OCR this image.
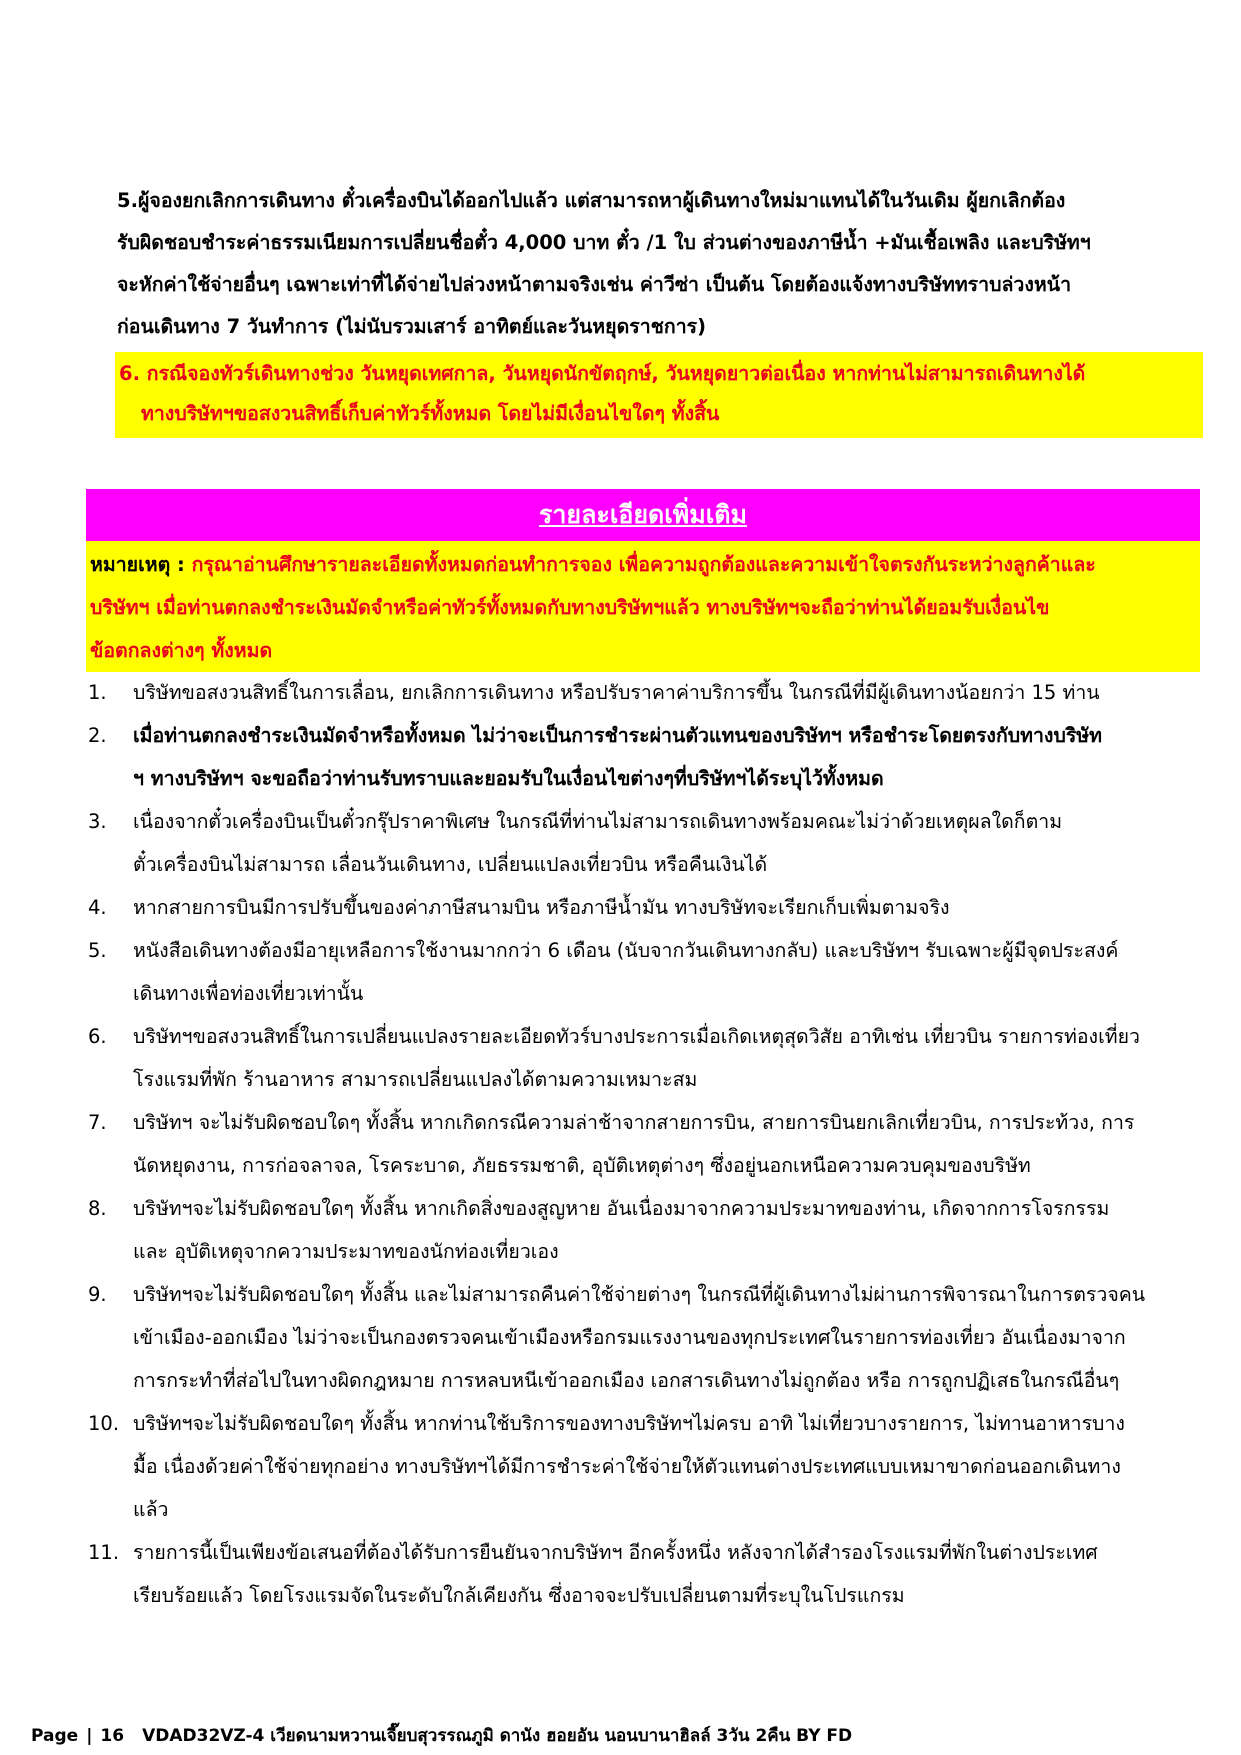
5.ผู้จองยกเลิกการเดินทาง ตั๋วเครื่องบินได้ออกไปแล้ว แต่สามารถหาผู้เดินทางใหม่มาแทนได้ในวันเดิม ผู้ยกเลิกต้อง
รับผิดชอบชำระค่าธรรมเนียมการเปลี่ยนชื่อตั๋ว 4,000 บาท ตั๋ว /1 ใบ ส่วนต่างของภาษีน้ำ +มันเชื้อเพลิง และบริษัทฯ
จะหักค่าใช้จ่ายอื่นๆ เฉพาะเท่าที่ได้จ่ายไปล่วงหน้าตามจริงเช่น ค่าวีซ่า เป็นต้น โดยต้องแจ้งทางบริษัททราบล่วงหน้า
ก่อนเดินทาง 7 วันทำการ (ไม่นับรวมเสาร์ อาทิตย์และวันหยุดราชการ)
6. กรณีจองทัวร์เดินทางช่วง วันหยุดเทศกาล, วันหยุดนักขัตฤกษ์, วันหยุดยาวต่อเนื่อง หากท่านไม่สามารถเดินทางได้
ทางบริษัทฯขอสงวนสิทธิ์เก็บค่าทัวร์ทั้งหมด โดยไม่มีเงื่อนไขใดๆ ทั้งสิ้น
รายละเอียดเพิ่มเติม
หมายเหตุ : กรุณาอ่านศึกษารายละเอียดทั้งหมดก่อนทำการจอง เพื่อความถูกต้องและความเข้าใจตรงกันระหว่างลูกค้าและ
บริษัทฯ เมื่อท่านตกลงชำระเงินมัดจำหรือค่าทัวร์ทั้งหมดกับทางบริษัทฯแล้ว ทางบริษัทฯจะถือว่าท่านได้ยอมรับเงื่อนไข
ข้อตกลงต่างๆ ทั้งหมด
1. บริษัทขอสงวนสิทธิ์ในการเลื่อน, ยกเลิกการเดินทาง หรือปรับราคาค่าบริการขึ้น ในกรณีที่มีผู้เดินทางน้อยกว่า 15 ท่าน
2. เมื่อท่านตกลงชำระเงินมัดจำหรือทั้งหมด ไม่ว่าจะเป็นการชำระผ่านตัวแทนของบริษัทฯ หรือชำระโดยตรงกับทางบริษัท
ฯ ทางบริษัทฯ จะขอถือว่าท่านรับทราบและยอมรับในเงื่อนไขต่างๆที่บริษัทฯได้ระบุไว้ทั้งหมด
3. เนื่องจากตั๋วเครื่องบินเป็นตั๋วกรุ๊ปราคาพิเศษ ในกรณีที่ท่านไม่สามารถเดินทางพร้อมคณะไม่ว่าด้วยเหตุผลใดก็ตาม
ตั๋วเครื่องบินไม่สามารถ เลื่อนวันเดินทาง, เปลี่ยนแปลงเที่ยวบิน หรือคืนเงินได้
4. หากสายการบินมีการปรับขึ้นของค่าภาษีสนามบิน หรือภาษีน้ำมัน ทางบริษัทจะเรียกเก็บเพิ่มตามจริง
5. หนังสือเดินทางต้องมีอายุเหลือการใช้งานมากกว่า 6 เดือน (นับจากวันเดินทางกลับ) และบริษัทฯ รับเฉพาะผู้มีจุดประสงค์
เดินทางเพื่อท่องเที่ยวเท่านั้น
6. บริษัทฯขอสงวนสิทธิ์ในการเปลี่ยนแปลงรายละเอียดทัวร์บางประการเมื่อเกิดเหตุสุดวิสัย อาทิเช่น เที่ยวบิน รายการท่องเที่ยว
โรงแรมที่พัก ร้านอาหาร สามารถเปลี่ยนแปลงได้ตามความเหมาะสม
7. บริษัทฯ จะไม่รับผิดชอบใดๆ ทั้งสิ้น หากเกิดกรณีความล่าช้าจากสายการบิน, สายการบินยกเลิกเที่ยวบิน, การประท้วง, การ
นัดหยุดงาน, การก่อจลาจล, โรคระบาด, ภัยธรรมชาติ, อุบัติเหตุต่างๆ ซึ่งอยู่นอกเหนือความควบคุมของบริษัท
8. บริษัทฯจะไม่รับผิดชอบใดๆ ทั้งสิ้น หากเกิดสิ่งของสูญหาย อันเนื่องมาจากความประมาทของท่าน, เกิดจากการโจรกรรม
และ อุบัติเหตุจากความประมาทของนักท่องเที่ยวเอง
9. บริษัทฯจะไม่รับผิดชอบใดๆ ทั้งสิ้น และไม่สามารถคืนค่าใช้จ่ายต่างๆ ในกรณีที่ผู้เดินทางไม่ผ่านการพิจารณาในการตรวจคน
เข้าเมือง-ออกเมือง ไม่ว่าจะเป็นกองตรวจคนเข้าเมืองหรือกรมแรงงานของทุกประเทศในรายการท่องเที่ยว อันเนื่องมาจาก
การกระทำที่ส่อไปในทางผิดกฎหมาย การหลบหนีเข้าออกเมือง เอกสารเดินทางไม่ถูกต้อง หรือ การถูกปฏิเสธในกรณีอื่นๆ
10. บริษัทฯจะไม่รับผิดชอบใดๆ ทั้งสิ้น หากท่านใช้บริการของทางบริษัทฯไม่ครบ อาทิ ไม่เที่ยวบางรายการ, ไม่ทานอาหารบาง
มื้อ เนื่องด้วยค่าใช้จ่ายทุกอย่าง ทางบริษัทฯได้มีการชำระค่าใช้จ่ายให้ตัวแทนต่างประเทศแบบเหมาขาดก่อนออกเดินทาง
แล้ว
11. รายการนี้เป็นเพียงข้อเสนอที่ต้องได้รับการยืนยันจากบริษัทฯ อีกครั้งหนึ่ง หลังจากได้สำรองโรงแรมที่พักในต่างประเทศ
เรียบร้อยแล้ว โดยโรงแรมจัดในระดับใกล้เคียงกัน ซึ่งอาจจะปรับเปลี่ยนตามที่ระบุในโปรแกรม
Page | 16 VDAD32VZ-4 เวียดนามหวานเจี๊ยบสุวรรณภูมิ ดานัง ฮอยอัน นอนบานาฮิลล์ 3วัน 2คืน BY FD
